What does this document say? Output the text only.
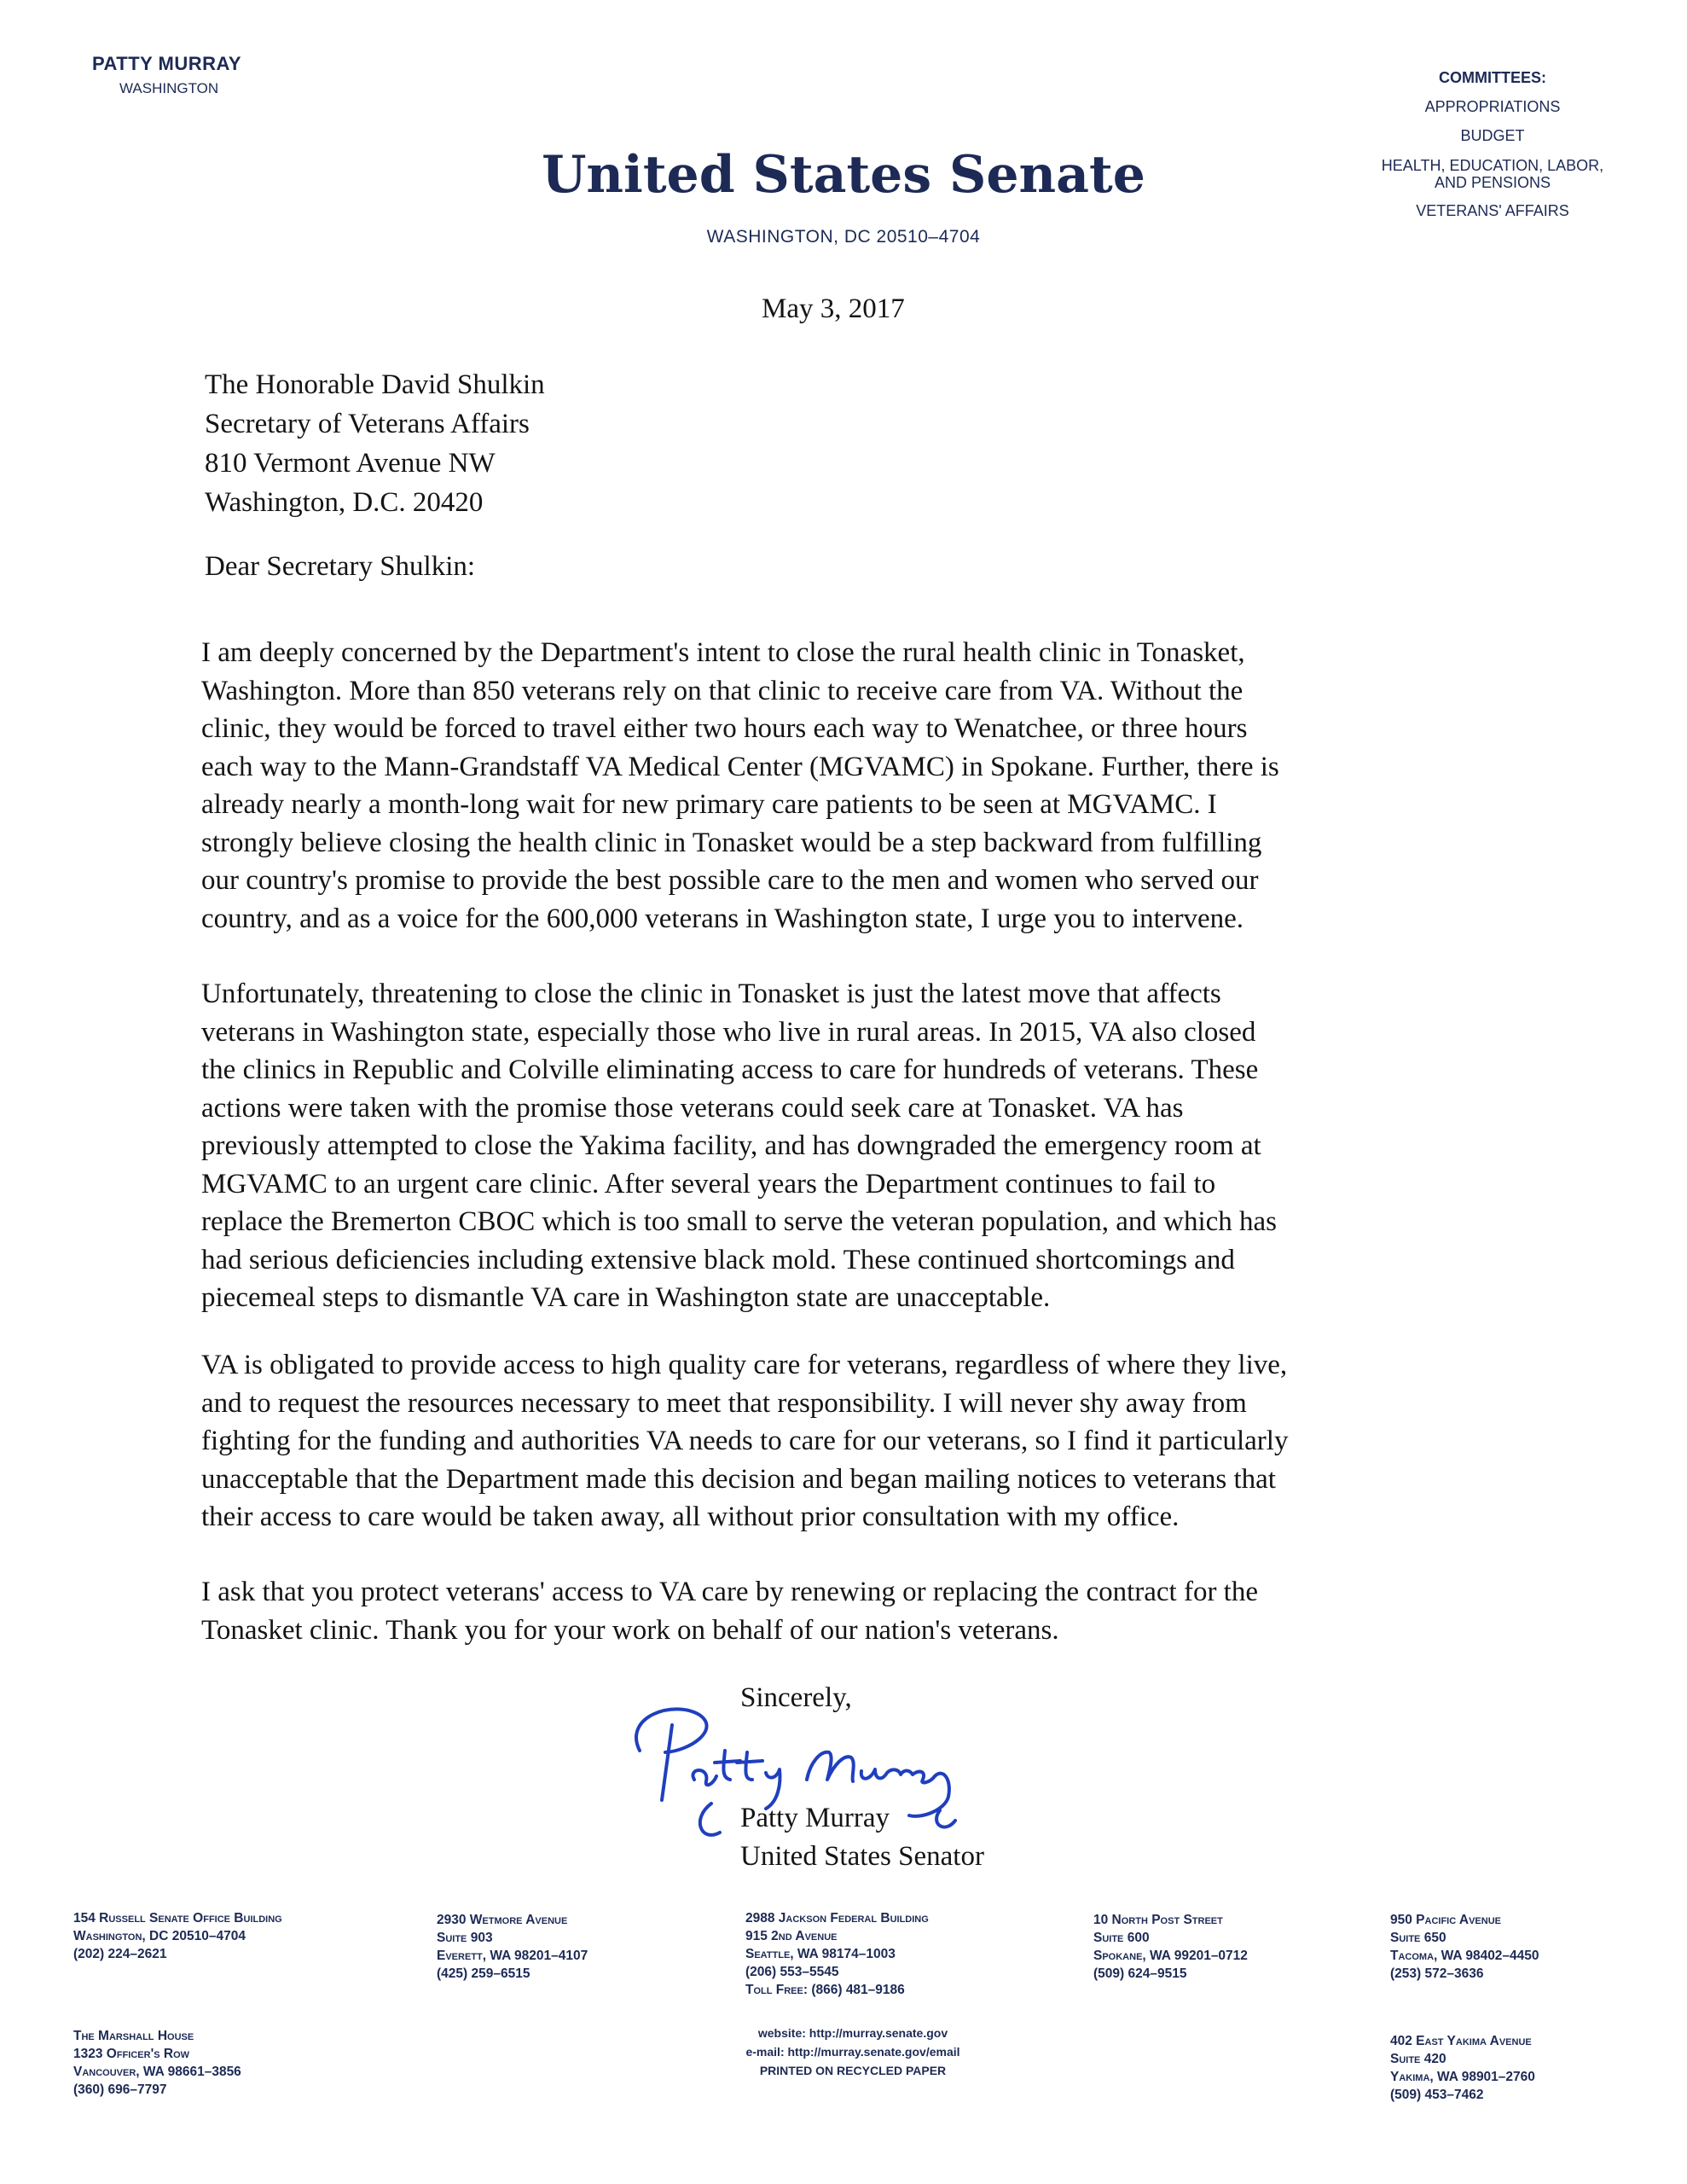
PATTY MURRAY
WASHINGTON
United States Senate
WASHINGTON, DC 20510–4704
COMMITTEES:
APPROPRIATIONS
BUDGET
HEALTH, EDUCATION, LABOR,
AND PENSIONS
VETERANS' AFFAIRS
May 3, 2017
The Honorable David Shulkin
Secretary of Veterans Affairs
810 Vermont Avenue NW
Washington, D.C. 20420
Dear Secretary Shulkin:
I am deeply concerned by the Department's intent to close the rural health clinic in Tonasket,
Washington. More than 850 veterans rely on that clinic to receive care from VA. Without the
clinic, they would be forced to travel either two hours each way to Wenatchee, or three hours
each way to the Mann-Grandstaff VA Medical Center (MGVAMC) in Spokane. Further, there is
already nearly a month-long wait for new primary care patients to be seen at MGVAMC. I
strongly believe closing the health clinic in Tonasket would be a step backward from fulfilling
our country's promise to provide the best possible care to the men and women who served our
country, and as a voice for the 600,000 veterans in Washington state, I urge you to intervene.
Unfortunately, threatening to close the clinic in Tonasket is just the latest move that affects
veterans in Washington state, especially those who live in rural areas. In 2015, VA also closed
the clinics in Republic and Colville eliminating access to care for hundreds of veterans. These
actions were taken with the promise those veterans could seek care at Tonasket. VA has
previously attempted to close the Yakima facility, and has downgraded the emergency room at
MGVAMC to an urgent care clinic. After several years the Department continues to fail to
replace the Bremerton CBOC which is too small to serve the veteran population, and which has
had serious deficiencies including extensive black mold. These continued shortcomings and
piecemeal steps to dismantle VA care in Washington state are unacceptable.
VA is obligated to provide access to high quality care for veterans, regardless of where they live,
and to request the resources necessary to meet that responsibility. I will never shy away from
fighting for the funding and authorities VA needs to care for our veterans, so I find it particularly
unacceptable that the Department made this decision and began mailing notices to veterans that
their access to care would be taken away, all without prior consultation with my office.
I ask that you protect veterans' access to VA care by renewing or replacing the contract for the
Tonasket clinic. Thank you for your work on behalf of our nation's veterans.
Sincerely,
Patty Murray
United States Senator
154 Russell Senate Office Building
Washington, DC 20510–4704
(202) 224–2621
2930 Wetmore Avenue
Suite 903
Everett, WA 98201–4107
(425) 259–6515
2988 Jackson Federal Building
915 2nd Avenue
Seattle, WA 98174–1003
(206) 553–5545
Toll Free: (866) 481–9186
10 North Post Street
Suite 600
Spokane, WA 99201–0712
(509) 624–9515
950 Pacific Avenue
Suite 650
Tacoma, WA 98402–4450
(253) 572–3636
The Marshall House
1323 Officer's Row
Vancouver, WA 98661–3856
(360) 696–7797
website: http://murray.senate.gov
e-mail: http://murray.senate.gov/email
PRINTED ON RECYCLED PAPER
402 East Yakima Avenue
Suite 420
Yakima, WA 98901–2760
(509) 453–7462
